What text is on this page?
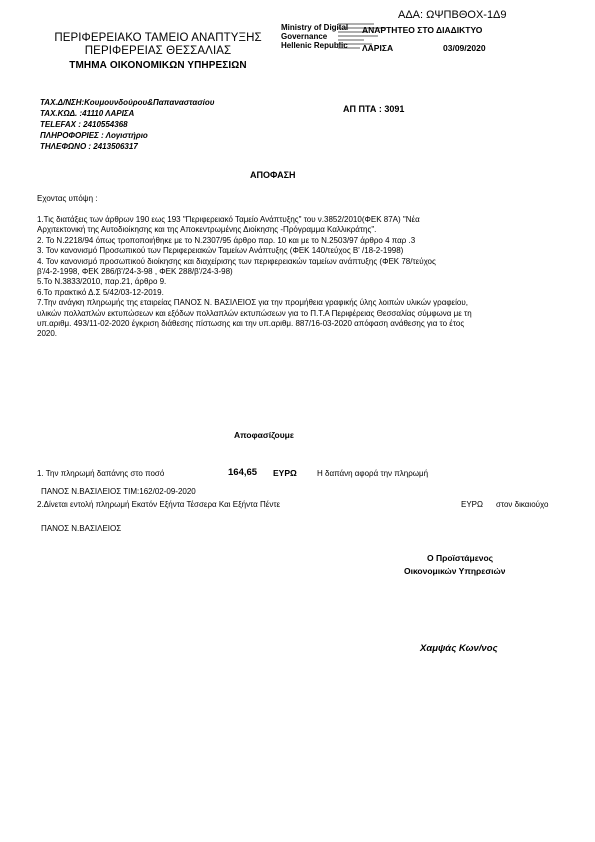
ΑΔΑ: ΩΨΠΒΘΟΧ-1Δ9
ΠΕΡΙΦΕΡΕΙΑΚΟ ΤΑΜΕΙΟ ΑΝΑΠΤΥΞΗΣ
ΠΕΡΙΦΕΡΕΙΑΣ ΘΕΣΣΑΛΙΑΣ
ΤΜΗΜΑ ΟΙΚΟΝΟΜΙΚΩΝ ΥΠΗΡΕΣΙΩΝ
Ministry of Digital
Governance
Hellenic Republic
ΑΝΑΡΤΗΤΕΟ ΣΤΟ ΔΙΑΔΙΚΤΥΟ
ΛΑΡΙΣΑ	03/09/2020
ΤΑΧ.Δ/ΝΣΗ:Κουμουνδούρου&Παπαναστασίου
ΤΑΧ.ΚΩΔ. :41110 ΛΑΡΙΣΑ
TELEFAX : 2410554368
ΠΛΗΡΟΦΟΡΙΕΣ : Λογιστήριο
ΤΗΛΕΦΩΝΟ : 2413506317
ΑΠ ΠΤΑ : 3091
ΑΠΟΦΑΣΗ
Εχοντας υπόψη :
1.Τις διατάξεις των άρθρων 190 εως 193 "Περιφερειακό Ταμείο Ανάπτυξης" του ν.3852/2010(ΦΕΚ 87Α) "Νέα
Αρχιτεκτονική της Αυτοδιοίκησης και της Αποκεντρωμένης Διοίκησης -Πρόγραμμα Καλλικράτης".
2. Το Ν.2218/94 όπως τροποποιήθηκε με το Ν.2307/95 άρθρο παρ. 10 και με το Ν.2503/97 άρθρο 4 παρ .3
3. Τον κανονισμό Προσωπικού των Περιφερειακών Ταμείων Ανάπτυξης (ΦΕΚ 140/τεύχος Β' /18-2-1998)
4. Τον κανονισμό προσωπικού διοίκησης και διαχείρισης των περιφερειακών ταμείων ανάπτυξης (ΦΕΚ 78/τεύχος
β'/4-2-1998, ΦΕΚ 286/β'/24-3-98 , ΦΕΚ 288/β'/24-3-98)
5.Το Ν.3833/2010, παρ.21, άρθρο 9.
6.Το πρακτικό Δ.Σ 5/42/03-12-2019.
7.Την ανάγκη πληρωμής της εταιρείας ΠΑΝΟΣ Ν. ΒΑΣΙΛΕΙΟΣ για την προμήθεια γραφικής ύλης λοιπών υλικών γραφείου,
υλικών πολλαπλών εκτυπώσεων και εξόδων πολλαπλών εκτυπώσεων για το Π.Τ.Α Περιφέρειας Θεσσαλίας σύμφωνα με τη
υπ.αριθμ. 493/11-02-2020 έγκριση διάθεσης πίστωσης και την υπ.αριθμ. 887/16-03-2020 απόφαση ανάθεσης για το έτος
2020.
Αποφασίζουμε
1. Την πληρωμή δαπάνης στο ποσό	164,65 ΕΥΡΩ	Η δαπάνη αφορά την πληρωμή
ΠΑΝΟΣ Ν.ΒΑΣΙΛΕΙΟΣ ΤΙΜ:162/02-09-2020
2.Δίνεται εντολή πληρωμή Εκατόν Εξήντα Τέσσερα Και Εξήντα Πέντε	ΕΥΡΩ στον δικαιούχο
ΠΑΝΟΣ Ν.ΒΑΣΙΛΕΙΟΣ
Ο Προϊστάμενος
Οικονομικών Υπηρεσιών
Χαμψάς Κων/νος
